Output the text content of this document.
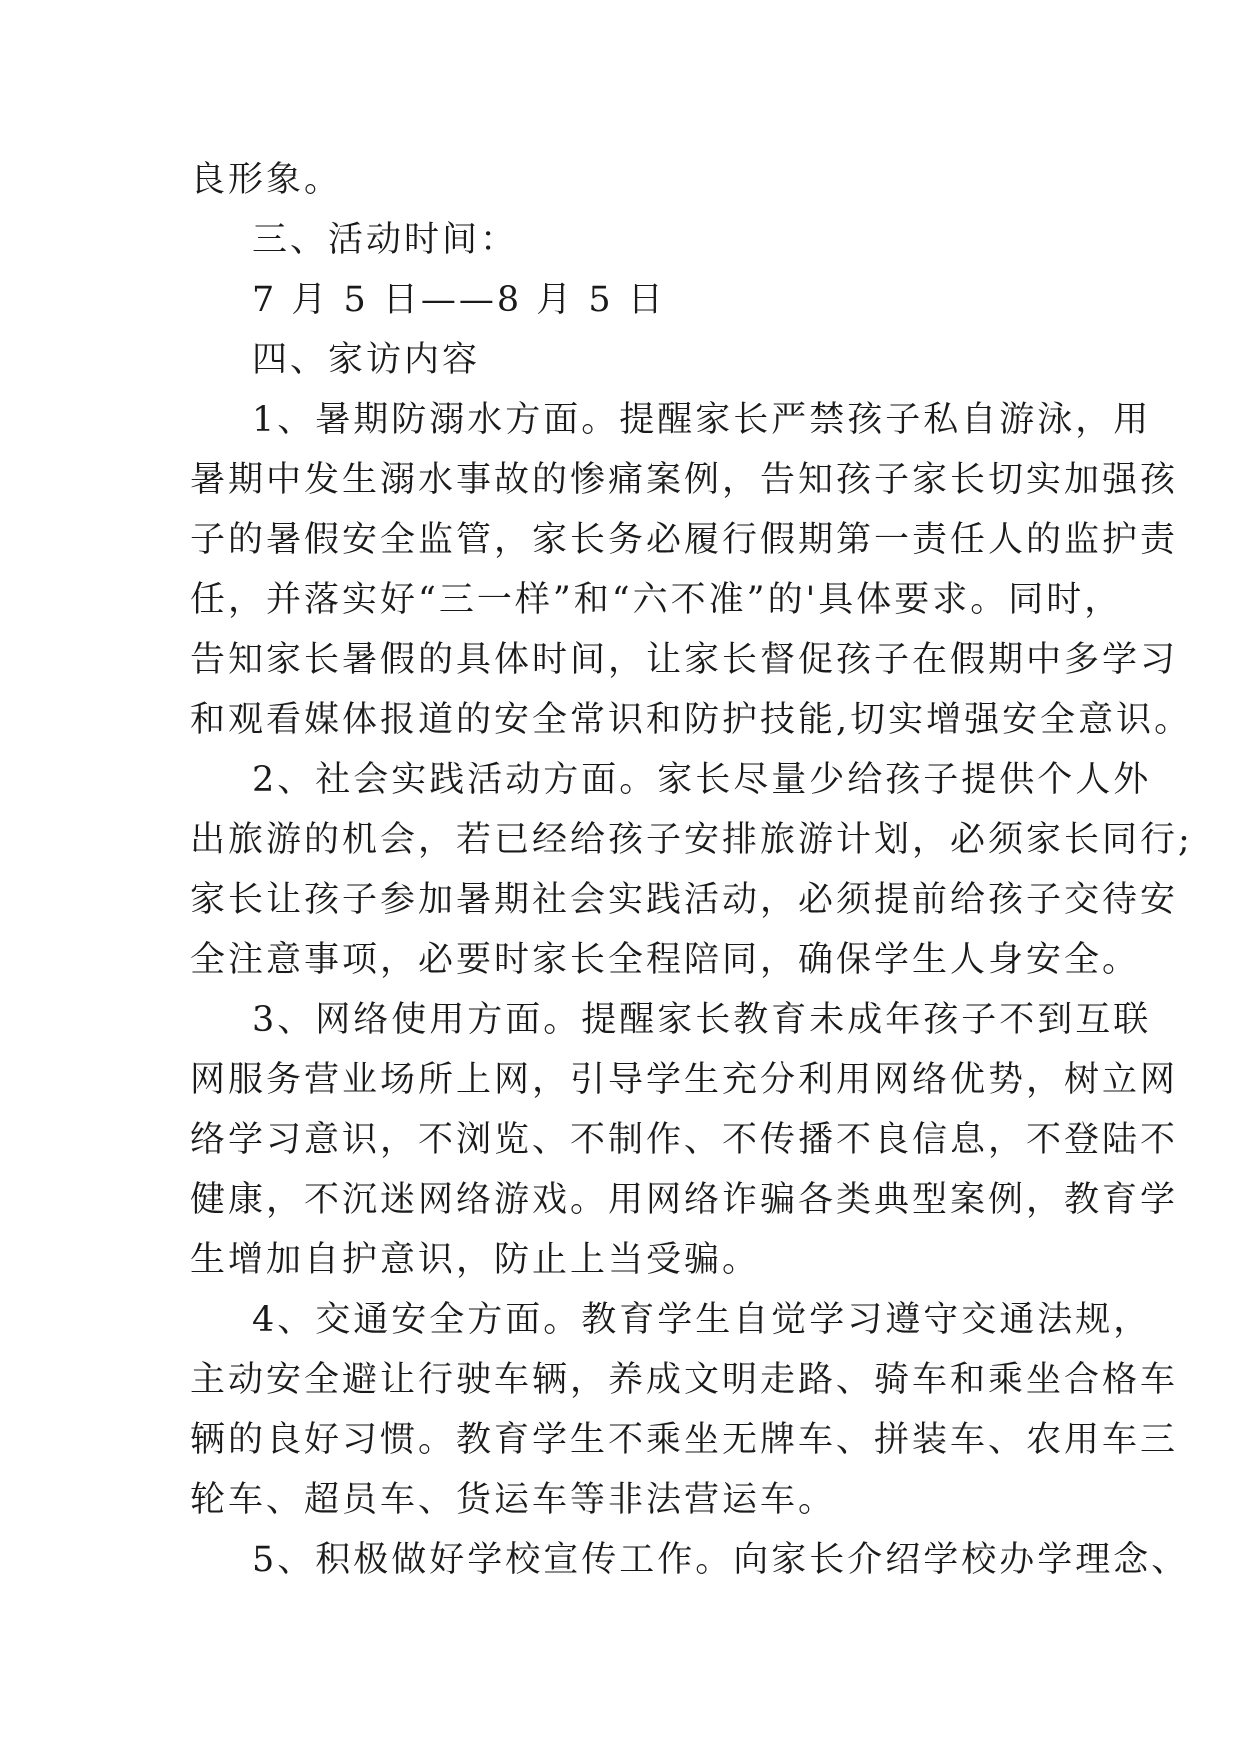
良形象。
三、活动时间：
7 月 5 日——8 月 5 日
四、家访内容
1、暑期防溺水方面。提醒家长严禁孩子私自游泳，用
暑期中发生溺水事故的惨痛案例，告知孩子家长切实加强孩
子的暑假安全监管，家长务必履行假期第一责任人的监护责
任，并落实好“三一样”和“六不准”的'具体要求。同时，
告知家长暑假的具体时间，让家长督促孩子在假期中多学习
和观看媒体报道的安全常识和防护技能,切实增强安全意识。
2、社会实践活动方面。家长尽量少给孩子提供个人外
出旅游的机会，若已经给孩子安排旅游计划，必须家长同行;
家长让孩子参加暑期社会实践活动，必须提前给孩子交待安
全注意事项，必要时家长全程陪同，确保学生人身安全。
3、网络使用方面。提醒家长教育未成年孩子不到互联
网服务营业场所上网，引导学生充分利用网络优势，树立网
络学习意识，不浏览、不制作、不传播不良信息，不登陆不
健康，不沉迷网络游戏。用网络诈骗各类典型案例，教育学
生增加自护意识，防止上当受骗。
4、交通安全方面。教育学生自觉学习遵守交通法规，
主动安全避让行驶车辆，养成文明走路、骑车和乘坐合格车
辆的良好习惯。教育学生不乘坐无牌车、拼装车、农用车三
轮车、超员车、货运车等非法营运车。
5、积极做好学校宣传工作。向家长介绍学校办学理念、
